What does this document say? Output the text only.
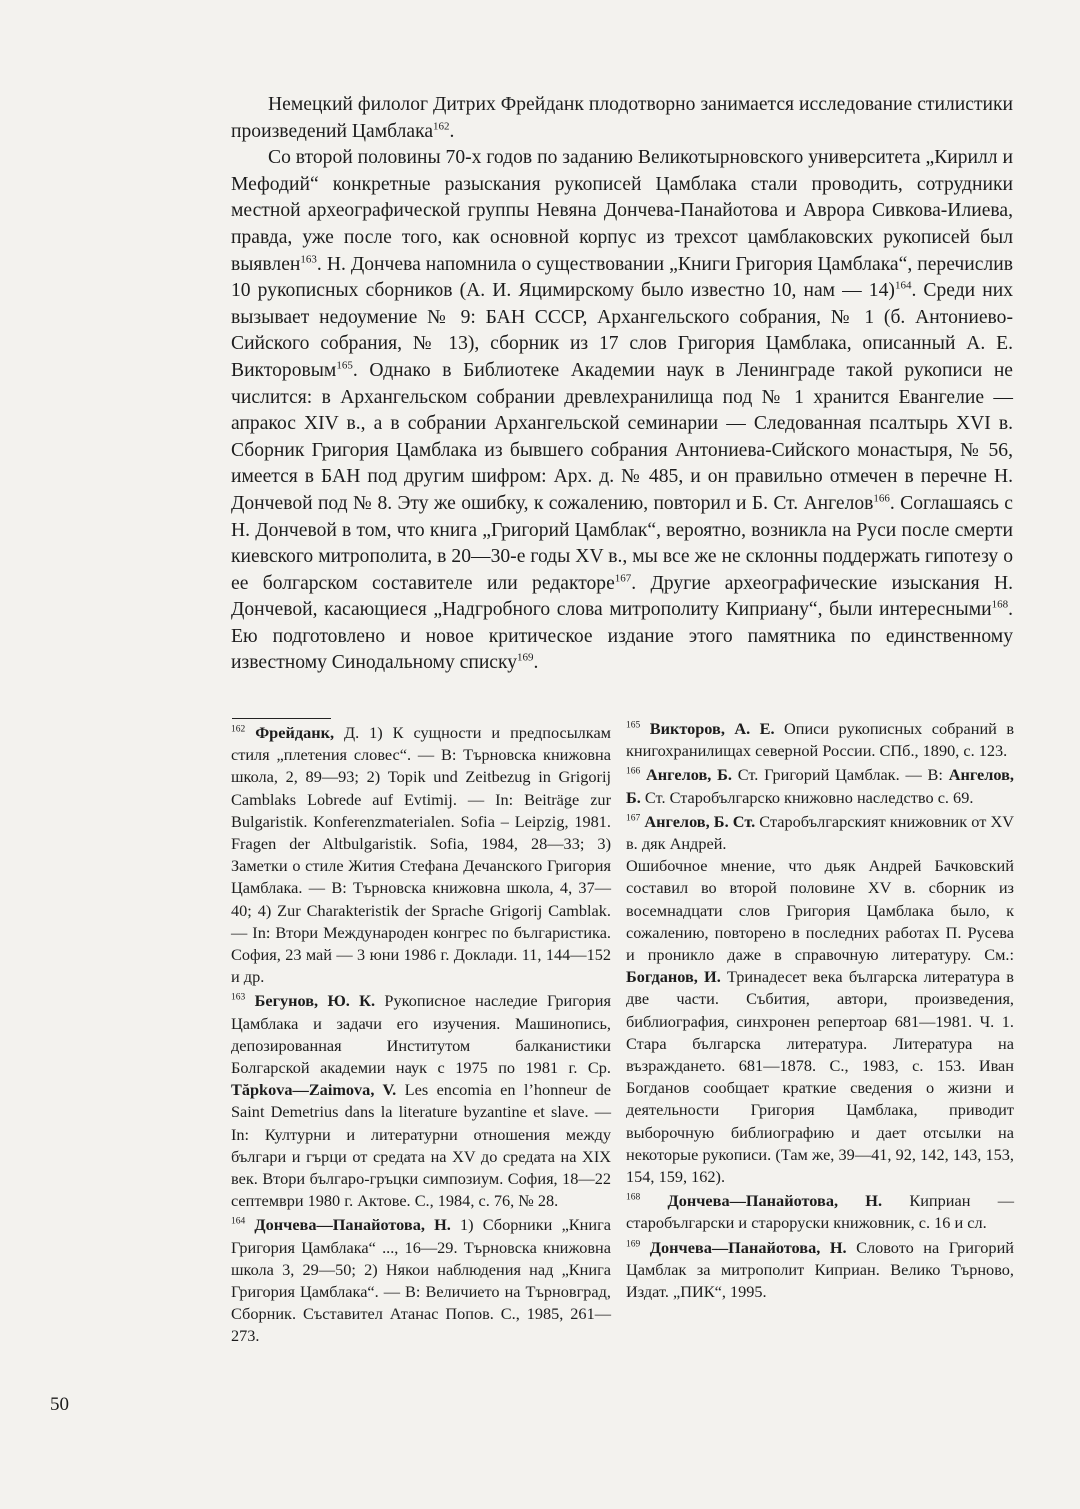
Немецкий филолог Дитрих Фрейданк плодотворно занимается исследование стилистики произведений Цамблака$^{162}$.

Со второй половины 70-х годов по заданию Великотырновского университета „Кирилл и Мефодий“ конкретные разыскания рукописей Цамблака стали проводить, сотрудники местной археографической группы Невяна Дончева-Панайотова и Аврора Сивкова-Илиева, правда, уже после того, как основной корпус из трехсот цамблаковских рукописей был выявлен$^{163}$. Н. Дончева напомнила о существовании „Книги Григория Цамблака“, перечислив 10 рукописных сборников (А. И. Яцимирскому было известно 10, нам — 14)$^{164}$. Среди них вызывает недоумение № 9: БАН СССР, Архангельского собрания, № 1 (б. Антониево-Сийского собрания, № 13), сборник из 17 слов Григория Цамблака, описанный А. Е. Викторовым$^{165}$. Однако в Библиотеке Академии наук в Ленинграде такой рукописи не числится: в Архангельском собрании древлехранилища под № 1 хранится Евангелие — апракос XIV в., а в собрании Архангельской семинарии — Следованная псалтырь XVI в. Сборник Григория Цамблака из бывшего собрания Антониева-Сийского монастыря, № 56, имеется в БАН под другим шифром: Арх. д. № 485, и он правильно отмечен в перечне Н. Дончевой под № 8. Эту же ошибку, к сожалению, повторил и Б. Ст. Ангелов$^{166}$. Соглашаясь с Н. Дончевой в том, что книга „Григорий Цамблак“, вероятно, возникла на Руси после смерти киевского митрополита, в 20—30-е годы XV в., мы все же не склонны поддержать гипотезу о ее болгарском составителе или редакторе$^{167}$. Другие археографические изыскания Н. Дончевой, касающиеся „Надгробного слова митрополиту Киприану“, были интересными$^{168}$. Ею подготовлено и новое критическое издание этого памятника по единственному известному Синодальному списку$^{169}$.

$^{162}$ Фрейданк, Д. 1) К сущности и предпосылкам стиля „плетения словес“. — В: Търновска книжовна школа, 2, 89—93; 2) Topik und Zeitbezug in Grigorij Camblaks Lobrede auf Evtimij. — In: Beiträge zur Bulgaristik. Konferenzmaterialen. Sofia – Leipzig, 1981. Fragen der Altbulgaristik. Sofia, 1984, 28—33; 3) Заметки о стиле Жития Стефана Дечанского Григория Цамблака. — В: Търновска книжовна школа, 4, 37—40; 4) Zur Charakteristik der Sprache Grigorij Camblak. — In: Втори Международен конгрес по българистика. София, 23 май — 3 юни 1986 г. Доклади. 11, 144—152 и др.

$^{163}$ Бегунов, Ю. К. Рукописное наследие Григория Цамблака и задачи его изучения. Машинопись, депозированная Институтом балканистики Болгарской академии наук с 1975 по 1981 г. Ср. Tăpkova—Zaimova, V. Les encomia en l’honneur de Saint Demetrius dans la literature byzantine et slave. — In: Културни и литературни отношения между българи и гърци от средата на XV до средата на XIX век. Втори българо-гръцки симпозиум. София, 18—22 септември 1980 г. Актове. С., 1984, с. 76, № 28.

$^{164}$ Дончева—Панайотова, Н. 1) Сборники „Книга Григория Цамблака“ ..., 16—29. Търновска книжовна школа 3, 29—50; 2) Някои наблюдения над „Книга Григория Цамблака“. — В: Величието на Търновград, Сборник. Съставител Атанас Попов. С., 1985, 261—273.

$^{165}$ Викторов, А. Е. Описи рукописных собраний в книгохранилищах северной России. СПб., 1890, с. 123.

$^{166}$ Ангелов, Б. Ст. Григорий Цамблак. — В: Ангелов, Б. Ст. Старобългарско книжовно наследство с. 69.

$^{167}$ Ангелов, Б. Ст. Старобългарският книжовник от XV в. дяк Андрей.
Ошибочное мнение, что дьяк Андрей Бачковский составил во второй половине XV в. сборник из восемнадцати слов Григория Цамблака было, к сожалению, повторено в последних работах П. Русева и проникло даже в справочную литературу. См.: Богданов, И. Тринадесет века българска литература в две части. Събития, автори, произведения, библиография, синхронен репертоар 681—1981. Ч. 1. Стара българска литература. Литература на възраждането. 681—1878. С., 1983, с. 153. Иван Богданов сообщает краткие сведения о жизни и деятельности Григория Цамблака, приводит выборочную библиографию и дает отсылки на некоторые рукописи. (Там же, 39—41, 92, 142, 143, 153, 154, 159, 162).

$^{168}$ Дончева—Панайотова, Н. Киприан — старобългарски и староруски книжовник, с. 16 и сл.

$^{169}$ Дончева—Панайотова, Н. Словото на Григорий Цамблак за митрополит Киприан. Велико Търново, Издат. „ПИК“, 1995.

50
